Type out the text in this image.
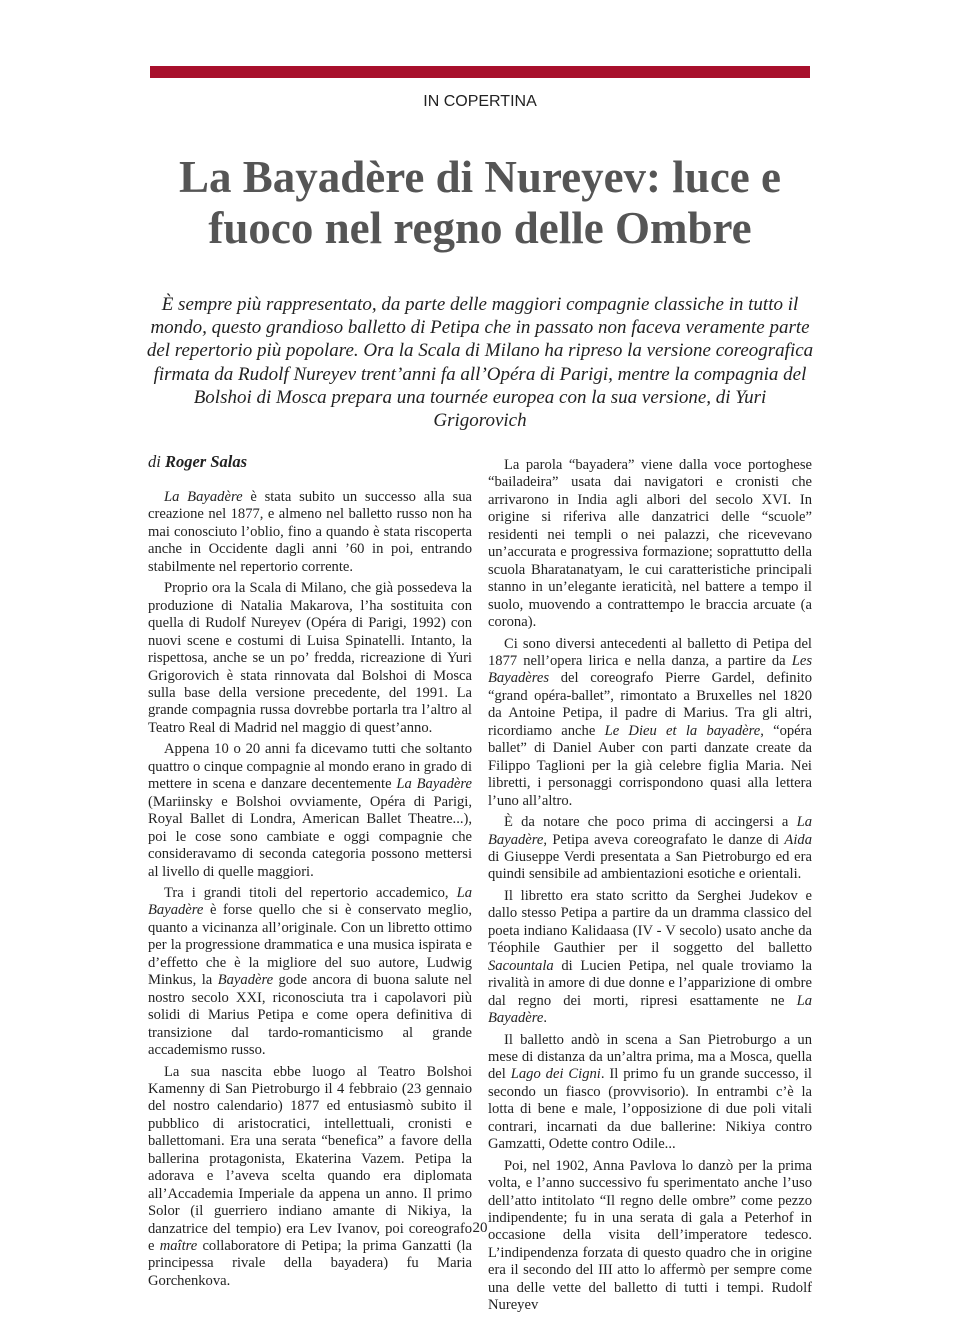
IN COPERTINA
La Bayadère di Nureyev: luce e
fuoco nel regno delle Ombre
È sempre più rappresentato, da parte delle maggiori compagnie classiche in tutto il mondo, questo grandioso balletto di Petipa che in passato non faceva veramente parte del repertorio più popolare. Ora la Scala di Milano ha ripreso la versione coreografica firmata da Rudolf Nureyev trent’anni fa all’Opéra di Parigi, mentre la compagnia del Bolshoi di Mosca prepara una tournée europea con la sua versione, di Yuri Grigorovich
di Roger Salas

La Bayadère è stata subito un successo alla sua creazione nel 1877, e almeno nel balletto russo non ha mai conosciuto l’oblio, fino a quando è stata riscoperta anche in Occidente dagli anni ’60 in poi, entrando stabilmente nel repertorio corrente.

Proprio ora la Scala di Milano, che già possedeva la produzione di Natalia Makarova, l’ha sostituita con quella di Rudolf Nureyev (Opéra di Parigi, 1992) con nuovi scene e costumi di Luisa Spinatelli. Intanto, la rispettosa, anche se un po’ fredda, ricreazione di Yuri Grigorovich è stata rinnovata dal Bolshoi di Mosca sulla base della versione precedente, del 1991. La grande compagnia russa dovrebbe portarla tra l’altro al Teatro Real di Madrid nel maggio di quest’anno.

Appena 10 o 20 anni fa dicevamo tutti che soltanto quattro o cinque compagnie al mondo erano in grado di mettere in scena e danzare decentemente La Bayadère (Mariinsky e Bolshoi ovviamente, Opéra di Parigi, Royal Ballet di Londra, American Ballet Theatre...), poi le cose sono cambiate e oggi compagnie che consideravamo di seconda categoria possono mettersi al livello di quelle maggiori.

Tra i grandi titoli del repertorio accademico, La Bayadère è forse quello che si è conservato meglio, quanto a vicinanza all’originale. Con un libretto ottimo per la progressione drammatica e una musica ispirata e d’effetto che è la migliore del suo autore, Ludwig Minkus, la Bayadère gode ancora di buona salute nel nostro secolo XXI, riconosciuta tra i capolavori più solidi di Marius Petipa e come opera definitiva di transizione dal tardo-romanticismo al grande accademismo russo.

La sua nascita ebbe luogo al Teatro Bolshoi Kamenny di San Pietroburgo il 4 febbraio (23 gennaio del nostro calendario) 1877 ed entusiasmò subito il pubblico di aristocratici, intellettuali, cronisti e ballettomani. Era una serata “benefica” a favore della ballerina protagonista, Ekaterina Vazem. Petipa la adorava e l’aveva scelta quando era diplomata all’Accademia Imperiale da appena un anno. Il primo Solor (il guerriero indiano amante di Nikiya, la danzatrice del tempio) era Lev Ivanov, poi coreografo e maître collaboratore di Petipa; la prima Ganzatti (la principessa rivale della bayadera) fu Maria Gorchenkova.

La parola “bayadera” viene dalla voce portoghese “bailadeira” usata dai navigatori e cronisti che arrivarono in India agli albori del secolo XVI. In origine si riferiva alle danzatrici delle “scuole” residenti nei templi o nei palazzi, che ricevevano un’accurata e progressiva formazione; soprattutto della scuola Bharatanatyam, le cui caratteristiche principali stanno in un’elegante ieraticità, nel battere a tempo il suolo, muovendo a contrattempo le braccia arcuate (a corona).

Ci sono diversi antecedenti al balletto di Petipa del 1877 nell’opera lirica e nella danza, a partire da Les Bayadères del coreografo Pierre Gardel, definito “grand opéra-ballet”, rimontato a Bruxelles nel 1820 da Antoine Petipa, il padre di Marius. Tra gli altri, ricordiamo anche Le Dieu et la bayadère, “opéra ballet” di Daniel Auber con parti danzate create da Filippo Taglioni per la già celebre figlia Maria. Nei libretti, i personaggi corrispondono quasi alla lettera l’uno all’altro.

È da notare che poco prima di accingersi a La Bayadère, Petipa aveva coreografato le danze di Aida di Giuseppe Verdi presentata a San Pietroburgo ed era quindi sensibile ad ambientazioni esotiche e orientali.

Il libretto era stato scritto da Serghei Judekov e dallo stesso Petipa a partire da un dramma classico del poeta indiano Kalidaasa (IV - V secolo) usato anche da Téophile Gauthier per il soggetto del balletto Sacountala di Lucien Petipa, nel quale troviamo la rivalità in amore di due donne e l’apparizione di ombre dal regno dei morti, ripresi esattamente ne La Bayadère.

Il balletto andò in scena a San Pietroburgo a un mese di distanza da un’altra prima, ma a Mosca, quella del Lago dei Cigni. Il primo fu un grande successo, il secondo un fiasco (provvisorio). In entrambi c’è la lotta di bene e male, l’opposizione di due poli vitali contrari, incarnati da due ballerine: Nikiya contro Gamzatti, Odette contro Odile...

Poi, nel 1902, Anna Pavlova lo danzò per la prima volta, e l’anno successivo fu sperimentato anche l’uso dell’atto intitolato “Il regno delle ombre” come pezzo indipendente; fu in una serata di gala a Peterhof in occasione della visita dell’imperatore tedesco. L’indipendenza forzata di questo quadro che in origine era il secondo del III atto lo affermò per sempre come una delle vette del balletto di tutti i tempi. Rudolf Nureyev

20
